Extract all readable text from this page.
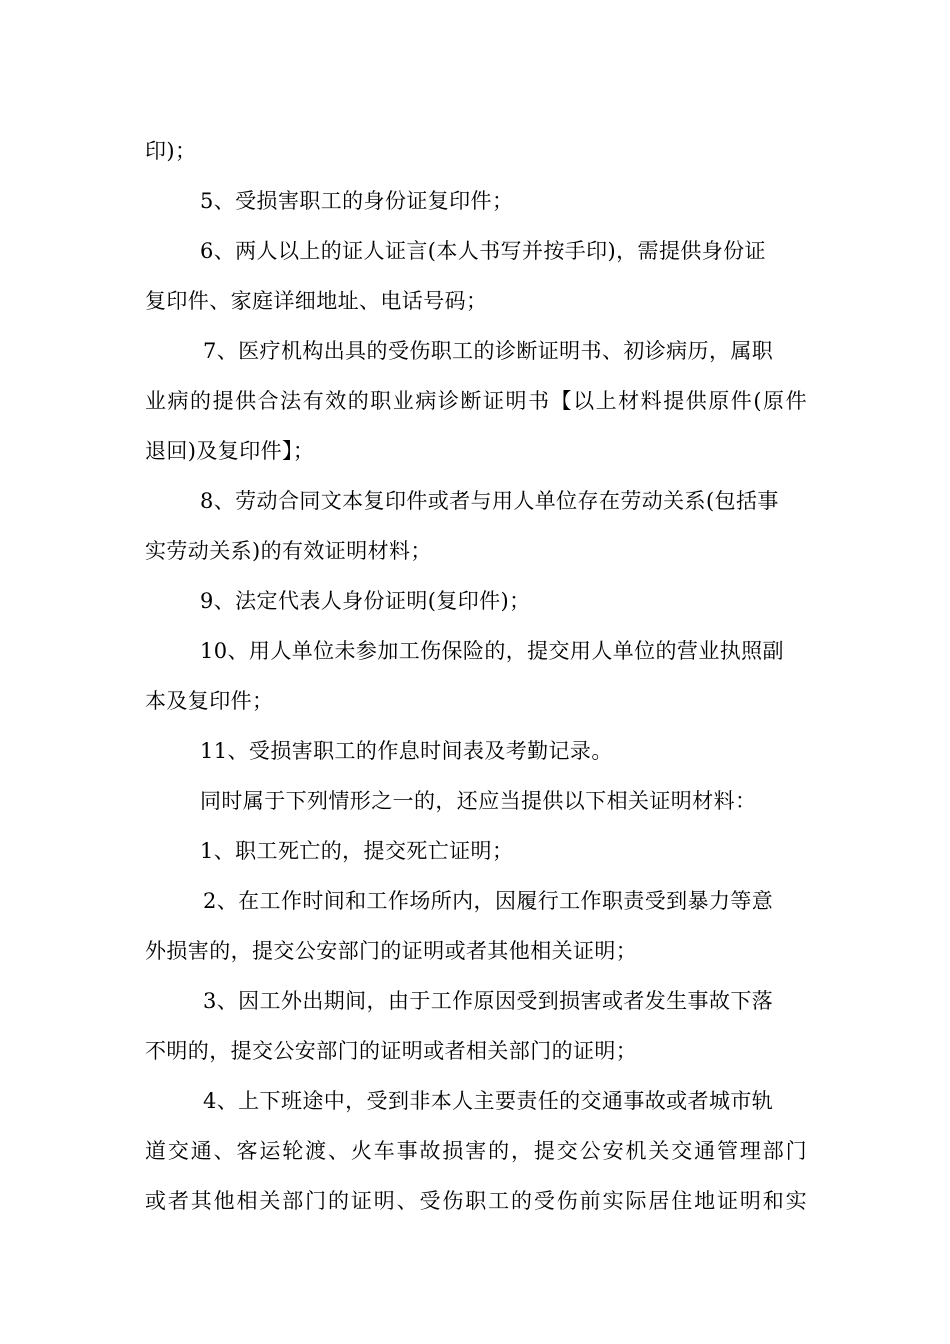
印)；
5、受损害职工的身份证复印件；
6、两人以上的证人证言(本人书写并按手印)，需提供身份证
复印件、家庭详细地址、电话号码；
7、医疗机构出具的受伤职工的诊断证明书、初诊病历，属职
业病的提供合法有效的职业病诊断证明书【以上材料提供原件(原件
退回)及复印件】；
8、劳动合同文本复印件或者与用人单位存在劳动关系(包括事
实劳动关系)的有效证明材料；
9、法定代表人身份证明(复印件)；
10、用人单位未参加工伤保险的，提交用人单位的营业执照副
本及复印件；
11、受损害职工的作息时间表及考勤记录。
同时属于下列情形之一的，还应当提供以下相关证明材料：
1、职工死亡的，提交死亡证明；
2、在工作时间和工作场所内，因履行工作职责受到暴力等意
外损害的，提交公安部门的证明或者其他相关证明；
3、因工外出期间，由于工作原因受到损害或者发生事故下落
不明的，提交公安部门的证明或者相关部门的证明；
4、上下班途中，受到非本人主要责任的交通事故或者城市轨
道交通、客运轮渡、火车事故损害的，提交公安机关交通管理部门
或者其他相关部门的证明、受伤职工的受伤前实际居住地证明和实
